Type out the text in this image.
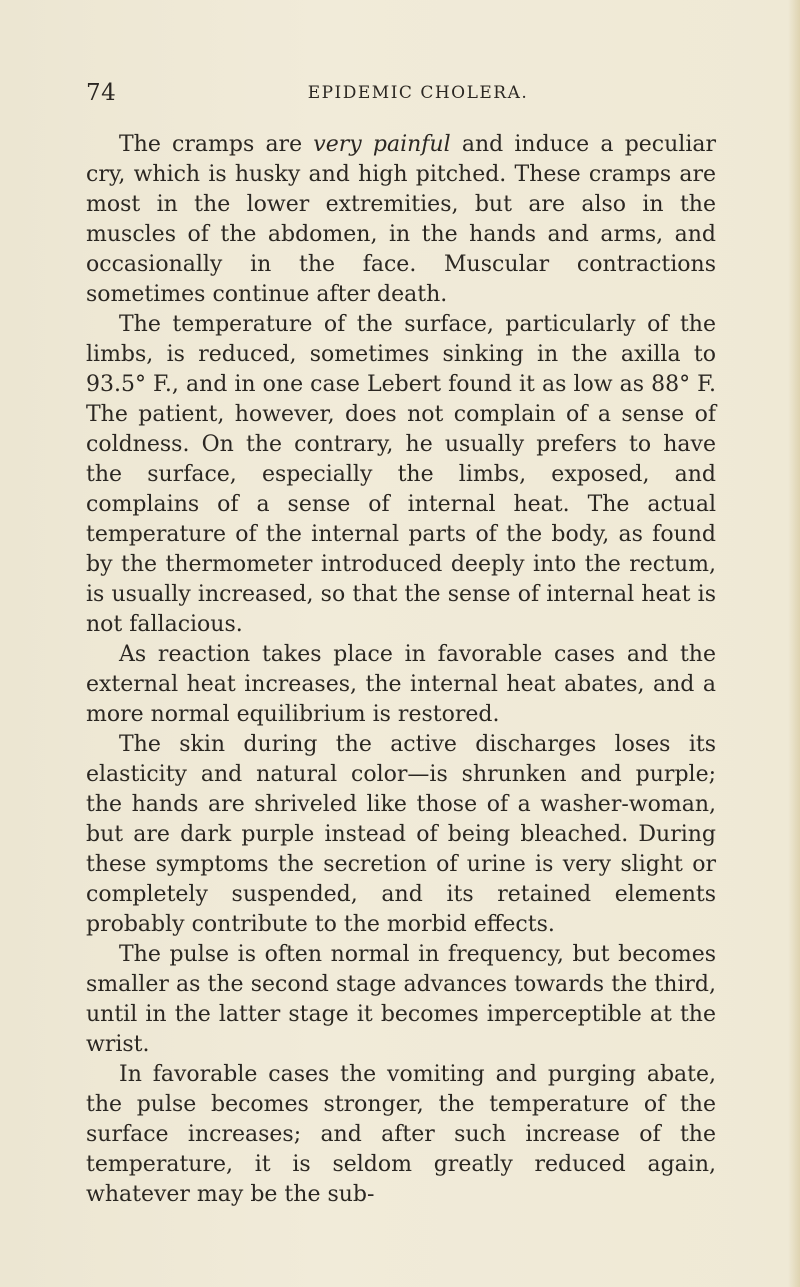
74	EPIDEMIC CHOLERA.

The cramps are very painful and induce a peculiar cry, which is husky and high pitched. These cramps are most in the lower extremities, but are also in the muscles of the abdomen, in the hands and arms, and occasionally in the face. Muscular contractions sometimes continue after death.

The temperature of the surface, particularly of the limbs, is reduced, sometimes sinking in the axilla to 93.5° F., and in one case Lebert found it as low as 88° F. The patient, however, does not complain of a sense of coldness. On the contrary, he usually prefers to have the surface, especially the limbs, exposed, and complains of a sense of internal heat. The actual temperature of the internal parts of the body, as found by the thermometer introduced deeply into the rectum, is usually increased, so that the sense of internal heat is not fallacious.

As reaction takes place in favorable cases and the external heat increases, the internal heat abates, and a more normal equilibrium is restored.

The skin during the active discharges loses its elasticity and natural color—is shrunken and purple; the hands are shriveled like those of a washer-woman, but are dark purple instead of being bleached. During these symptoms the secretion of urine is very slight or completely suspended, and its retained elements probably contribute to the morbid effects.

The pulse is often normal in frequency, but becomes smaller as the second stage advances towards the third, until in the latter stage it becomes imperceptible at the wrist.

In favorable cases the vomiting and purging abate, the pulse becomes stronger, the temperature of the surface increases; and after such increase of the temperature, it is seldom greatly reduced again, whatever may be the sub-
